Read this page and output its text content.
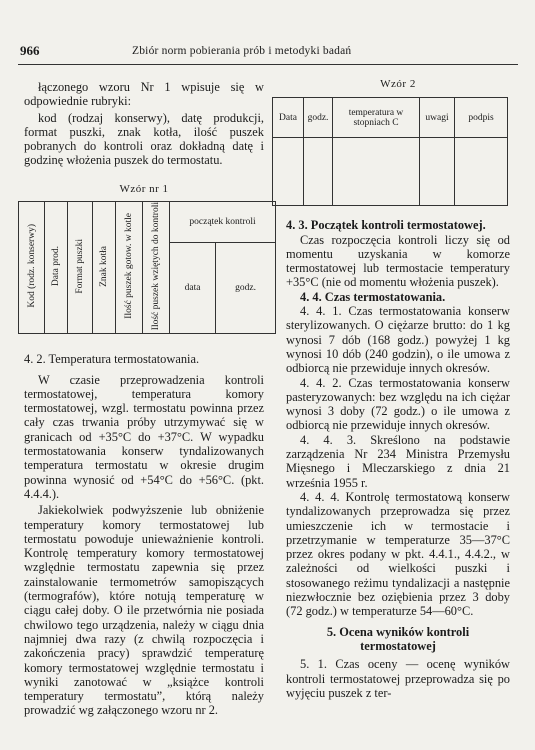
966	Zbiór norm pobierania prób i metodyki badań

łączonego wzoru Nr 1 wpisuje się w odpowiednie rubryki:

kod (rodzaj konserwy), datę produkcji, format puszki, znak kotła, ilość puszek pobranych do kontroli oraz dokładną datę i godzinę włożenia puszek do termostatu.

Wzór nr 1
Kod (rodz. konserwy)	Data prod.	Format puszki	Znak kotła	Ilość puszek gotow. w kotle	Ilość puszek wziętych do kontroli	początek kontroli	
						data	godz.

4. 2. Temperatura termostatowania.

W czasie przeprowadzenia kontroli termostatowej, temperatura komory termostatowej, wzgl. termostatu powinna przez cały czas trwania próby utrzymywać się w granicach od +35°C do +37°C. W wypadku termostatowania konserw tyndalizowanych temperatura termostatu w okresie drugim powinna wynosić od +54°C do +56°C. (pkt. 4.4.4.).

Jakiekolwiek podwyższenie lub obniżenie temperatury komory termostatowej lub termostatu powoduje unieważnienie kontroli. Kontrolę temperatury komory termostatowej względnie termostatu zapewnia się przez zainstalowanie termometrów samopiszących (termografów), które notują temperaturę w ciągu całej doby. O ile przetwórnia nie posiada chwilowo tego urządzenia, należy w ciągu dnia najmniej dwa razy (z chwilą rozpoczęcia i zakończenia pracy) sprawdzić temperaturę komory termostatowej względnie termostatu i wyniki zanotować w „książce kontroli temperatury termostatu”, którą należy prowadzić wg załączonego wzoru nr 2.

Wzór 2
Data	godz.	temperatura w stopniach C	uwagi	podpis

4. 3. Początek kontroli termostatowej.

Czas rozpoczęcia kontroli liczy się od momentu uzyskania w komorze termostatowej lub termostacie temperatury +35°C (nie od momentu włożenia puszek).

4. 4. Czas termostatowania.

4. 4. 1. Czas termostatowania konserw sterylizowanych. O ciężarze brutto: do 1 kg wynosi 7 dób (168 godz.) powyżej 1 kg wynosi 10 dób (240 godzin), o ile umowa z odbiorcą nie przewiduje innych okresów.

4. 4. 2. Czas termostatowania konserw pasteryzowanych: bez względu na ich ciężar wynosi 3 doby (72 godz.) o ile umowa z odbiorcą nie przewiduje innych okresów.

4. 4. 3. Skreślono na podstawie zarządzenia Nr 234 Ministra Przemysłu Mięsnego i Mleczarskiego z dnia 21 września 1955 r.

4. 4. 4. Kontrolę termostatową konserw tyndalizowanych przeprowadza się przez umieszczenie ich w termostacie i przetrzymanie w temperaturze 35—37°C przez okres podany w pkt. 4.4.1., 4.4.2., w zależności od wielkości puszki i stosowanego reżimu tyndalizacji a następnie niezwłocznie bez oziębienia przez 3 doby (72 godz.) w temperaturze 54—60°C.

5. Ocena wyników kontroli termostatowej

5. 1. Czas oceny — ocenę wyników kontroli termostatowej przeprowadza się po wyjęciu puszek z ter-
